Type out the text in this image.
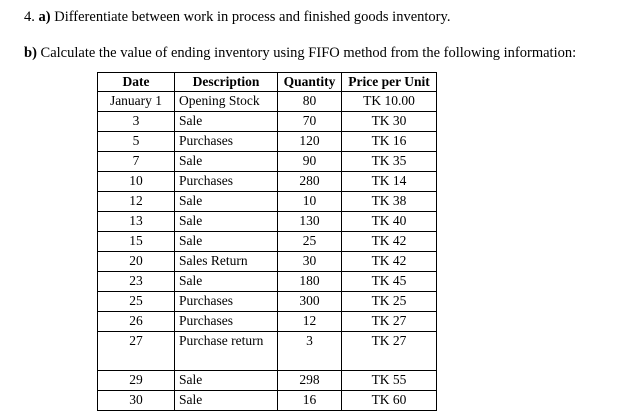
4. a) Differentiate between work in process and finished goods inventory.
b) Calculate the value of ending inventory using FIFO method from the following information:
Date	Description	Quantity	Price per Unit
January 1	Opening Stock	80	TK 10.00
3	Sale	70	TK 30
5	Purchases	120	TK 16
7	Sale	90	TK 35
10	Purchases	280	TK 14
12	Sale	10	TK 38
13	Sale	130	TK 40
15	Sale	25	TK 42
20	Sales Return	30	TK 42
23	Sale	180	TK 45
25	Purchases	300	TK 25
26	Purchases	12	TK 27
27	Purchase return	3	TK 27
29	Sale	298	TK 55
30	Sale	16	TK 60
